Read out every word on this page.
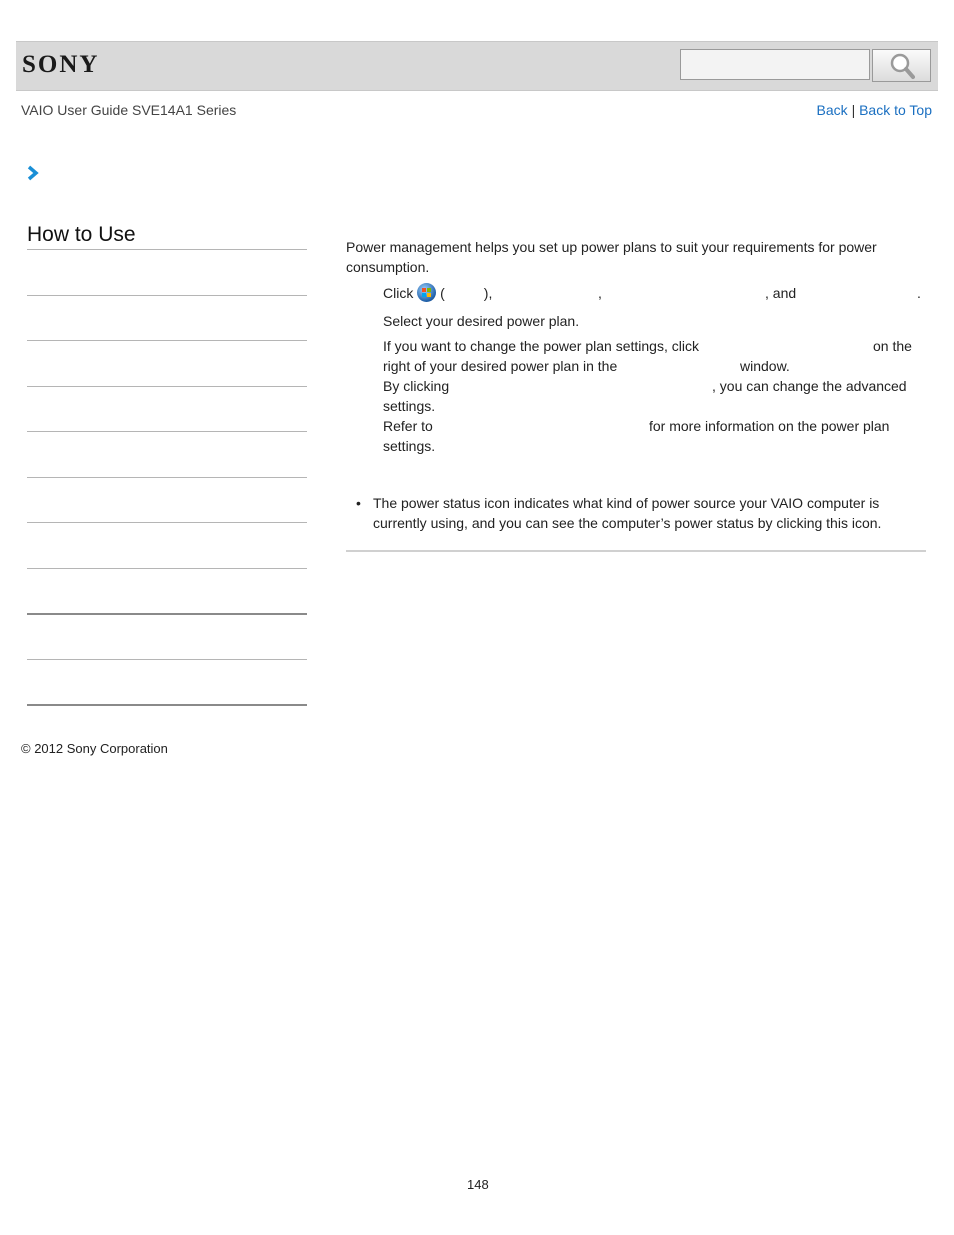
SONY
VAIO User Guide SVE14A1 Series	Back | Back to Top
How to Use
Power management helps you set up power plans to suit your requirements for power consumption.
Click (	),	,	, and	.
Select your desired power plan.
If you want to change the power plan settings, click	on the
right of your desired power plan in the	window.
By clicking	, you can change the advanced
settings.
Refer to	for more information on the power plan
settings.
• The power status icon indicates what kind of power source your VAIO computer is currently using, and you can see the computer’s power status by clicking this icon.
© 2012 Sony Corporation
148
